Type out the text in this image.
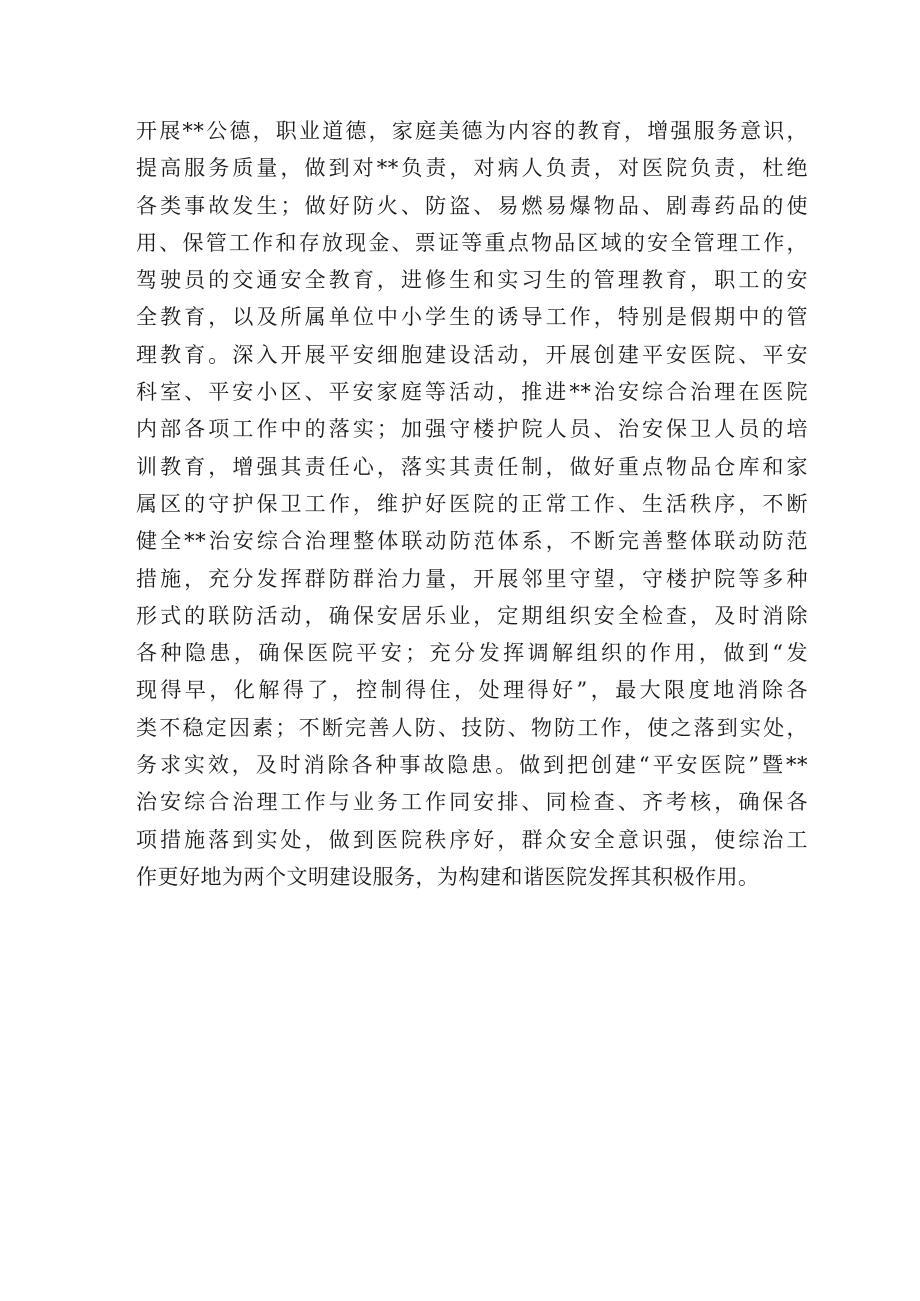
开展**公德，职业道德，家庭美德为内容的教育，增强服务意识，
提高服务质量，做到对**负责，对病人负责，对医院负责，杜绝
各类事故发生；做好防火、防盗、易燃易爆物品、剧毒药品的使
用、保管工作和存放现金、票证等重点物品区域的安全管理工作，
驾驶员的交通安全教育，进修生和实习生的管理教育，职工的安
全教育，以及所属单位中小学生的诱导工作，特别是假期中的管
理教育。深入开展平安细胞建设活动，开展创建平安医院、平安
科室、平安小区、平安家庭等活动，推进**治安综合治理在医院
内部各项工作中的落实；加强守楼护院人员、治安保卫人员的培
训教育，增强其责任心，落实其责任制，做好重点物品仓库和家
属区的守护保卫工作，维护好医院的正常工作、生活秩序，不断
健全**治安综合治理整体联动防范体系，不断完善整体联动防范
措施，充分发挥群防群治力量，开展邻里守望，守楼护院等多种
形式的联防活动，确保安居乐业，定期组织安全检查，及时消除
各种隐患，确保医院平安；充分发挥调解组织的作用，做到“发
现得早，化解得了，控制得住，处理得好”，最大限度地消除各
类不稳定因素；不断完善人防、技防、物防工作，使之落到实处，
务求实效，及时消除各种事故隐患。做到把创建“平安医院”暨**
治安综合治理工作与业务工作同安排、同检查、齐考核，确保各
项措施落到实处，做到医院秩序好，群众安全意识强，使综治工
作更好地为两个文明建设服务，为构建和谐医院发挥其积极作用。
